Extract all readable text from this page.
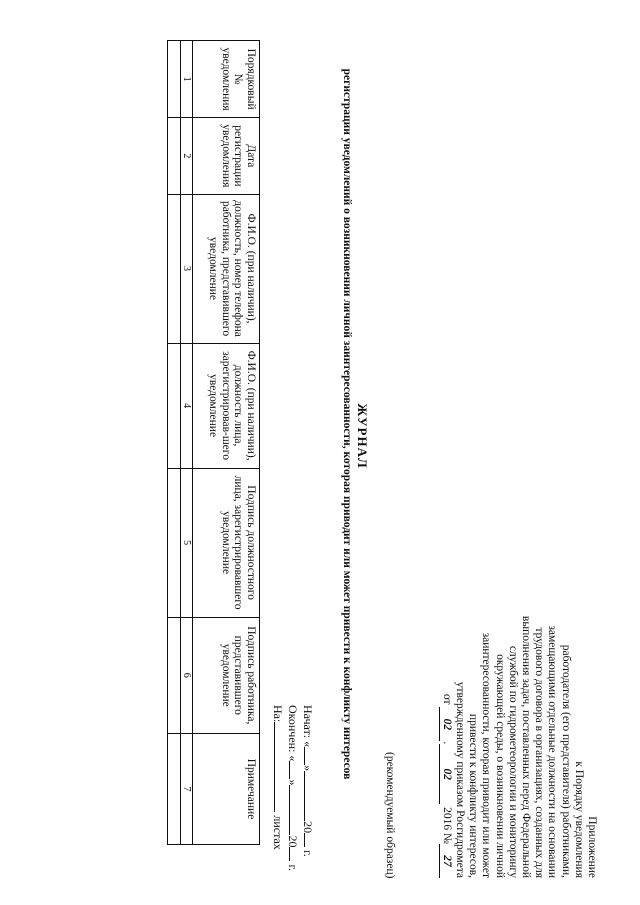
Приложение
к Порядку уведомления
работодателя (его представителя) работниками,
замещающими отдельные должности на основании
трудового договора в организациях, созданных для
выполнения задач, поставленных перед Федеральной
службой по гидрометеорологии и мониторингу
окружающей среды, о возникновении личной
заинтересованности, которая приводит или может
привести к конфликту интересов,
утвержденному приказом Росгидромета
от 02.02 2016 №27
(рекомендуемый образец)
ЖУРНАЛ
регистрации уведомлений о возникновении личной заинтересованности, которая приводит или может привести к конфликту интересов
Начат: «»20 г.
Окончен: «»20 г.
На: листах
Порядковый № уведомления	Дата регистрации уведомления	Ф.И.О. (при наличии), должность, номер телефона работника, представившего уведомление	Ф.И.О. (при наличии), должность лица, зарегистрировав-шего уведомление	Подпись должностного лица, зарегистрировавшего уведомление	Подпись работника, представившего уведомление	Примечание
1	2	3	4	5	6	7
